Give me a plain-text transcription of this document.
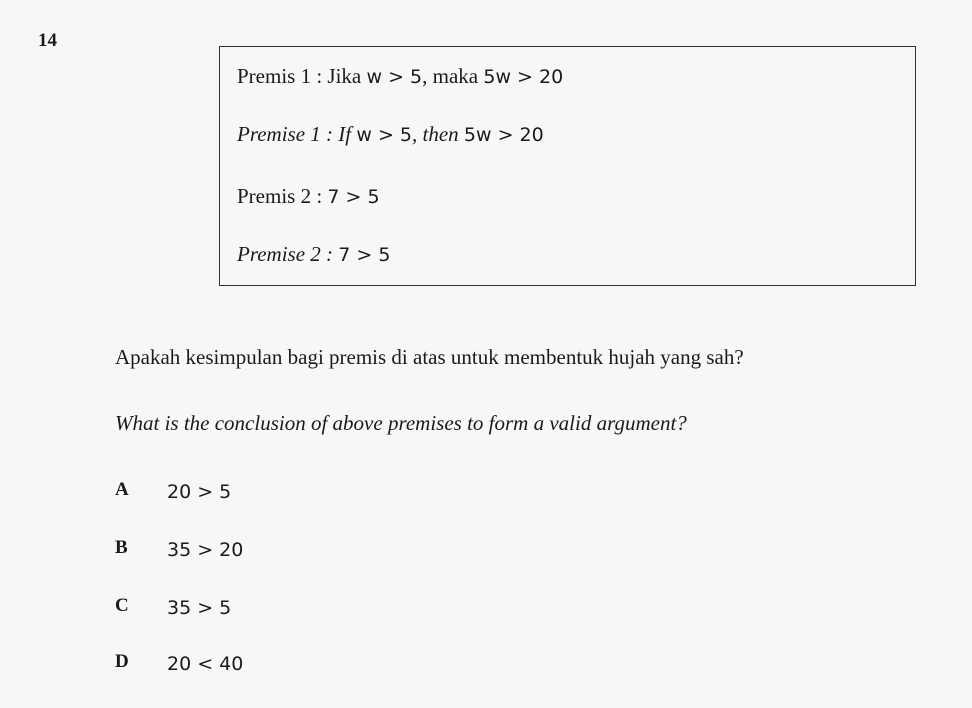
14
Premis 1 : Jika w > 5, maka 5w > 20
Premise 1 : If w > 5, then 5w > 20
Premis 2 : 7 > 5
Premise 2 : 7 > 5
Apakah kesimpulan bagi premis di atas untuk membentuk hujah yang sah?
What is the conclusion of above premises to form a valid argument?
A 20 > 5
B 35 > 20
C 35 > 5
D 20 < 40
